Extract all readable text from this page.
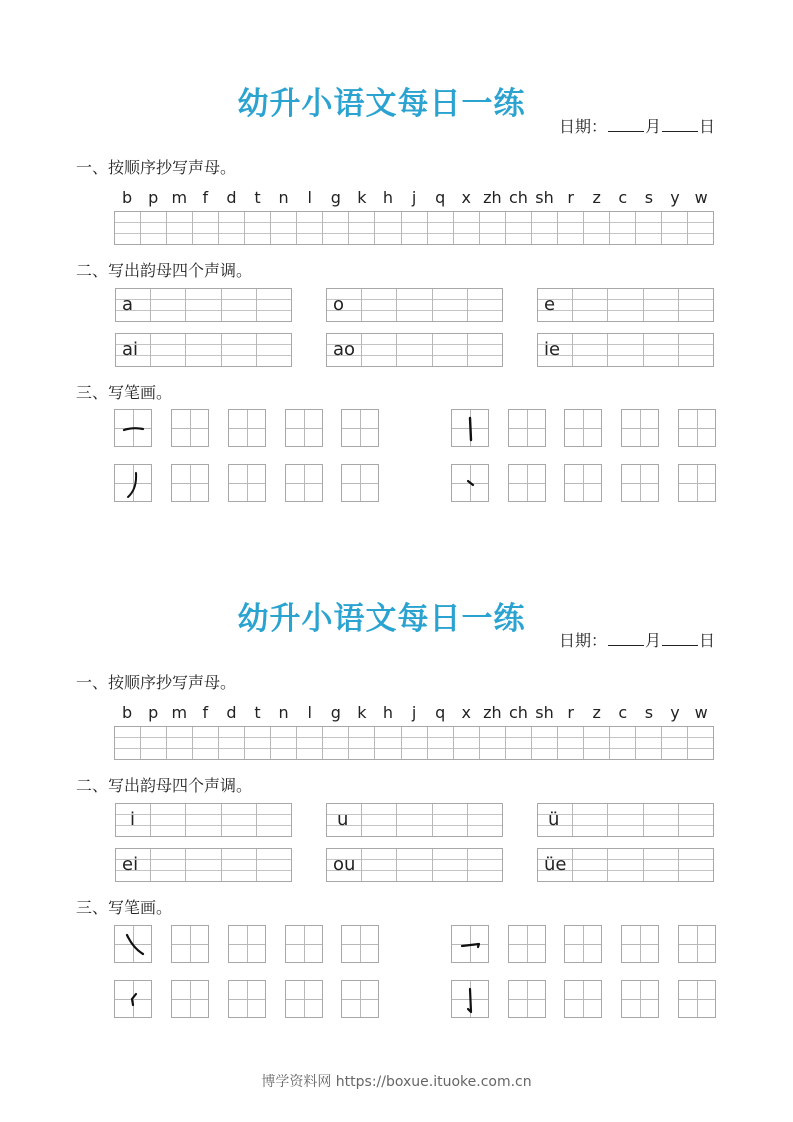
幼升小语文每日一练
日期： 月 日
一、按顺序抄写声母。
b p m f	d	t	n	l	g	k	h	j	q	x zh ch sh r	z	c	s	y w
二、写出韵母四个声调。
a	o	e
ai	ao	ie
三、写笔画。
幼升小语文每日一练
日期： 月 日
一、按顺序抄写声母。
b p m f	d	t	n	l	g	k	h	j	q	x zh ch sh r	z	c	s	y w
二、写出韵母四个声调。
i	u	ü
ei	ou	üe
三、写笔画。
博学资料网 https://boxue.ituoke.com.cn
